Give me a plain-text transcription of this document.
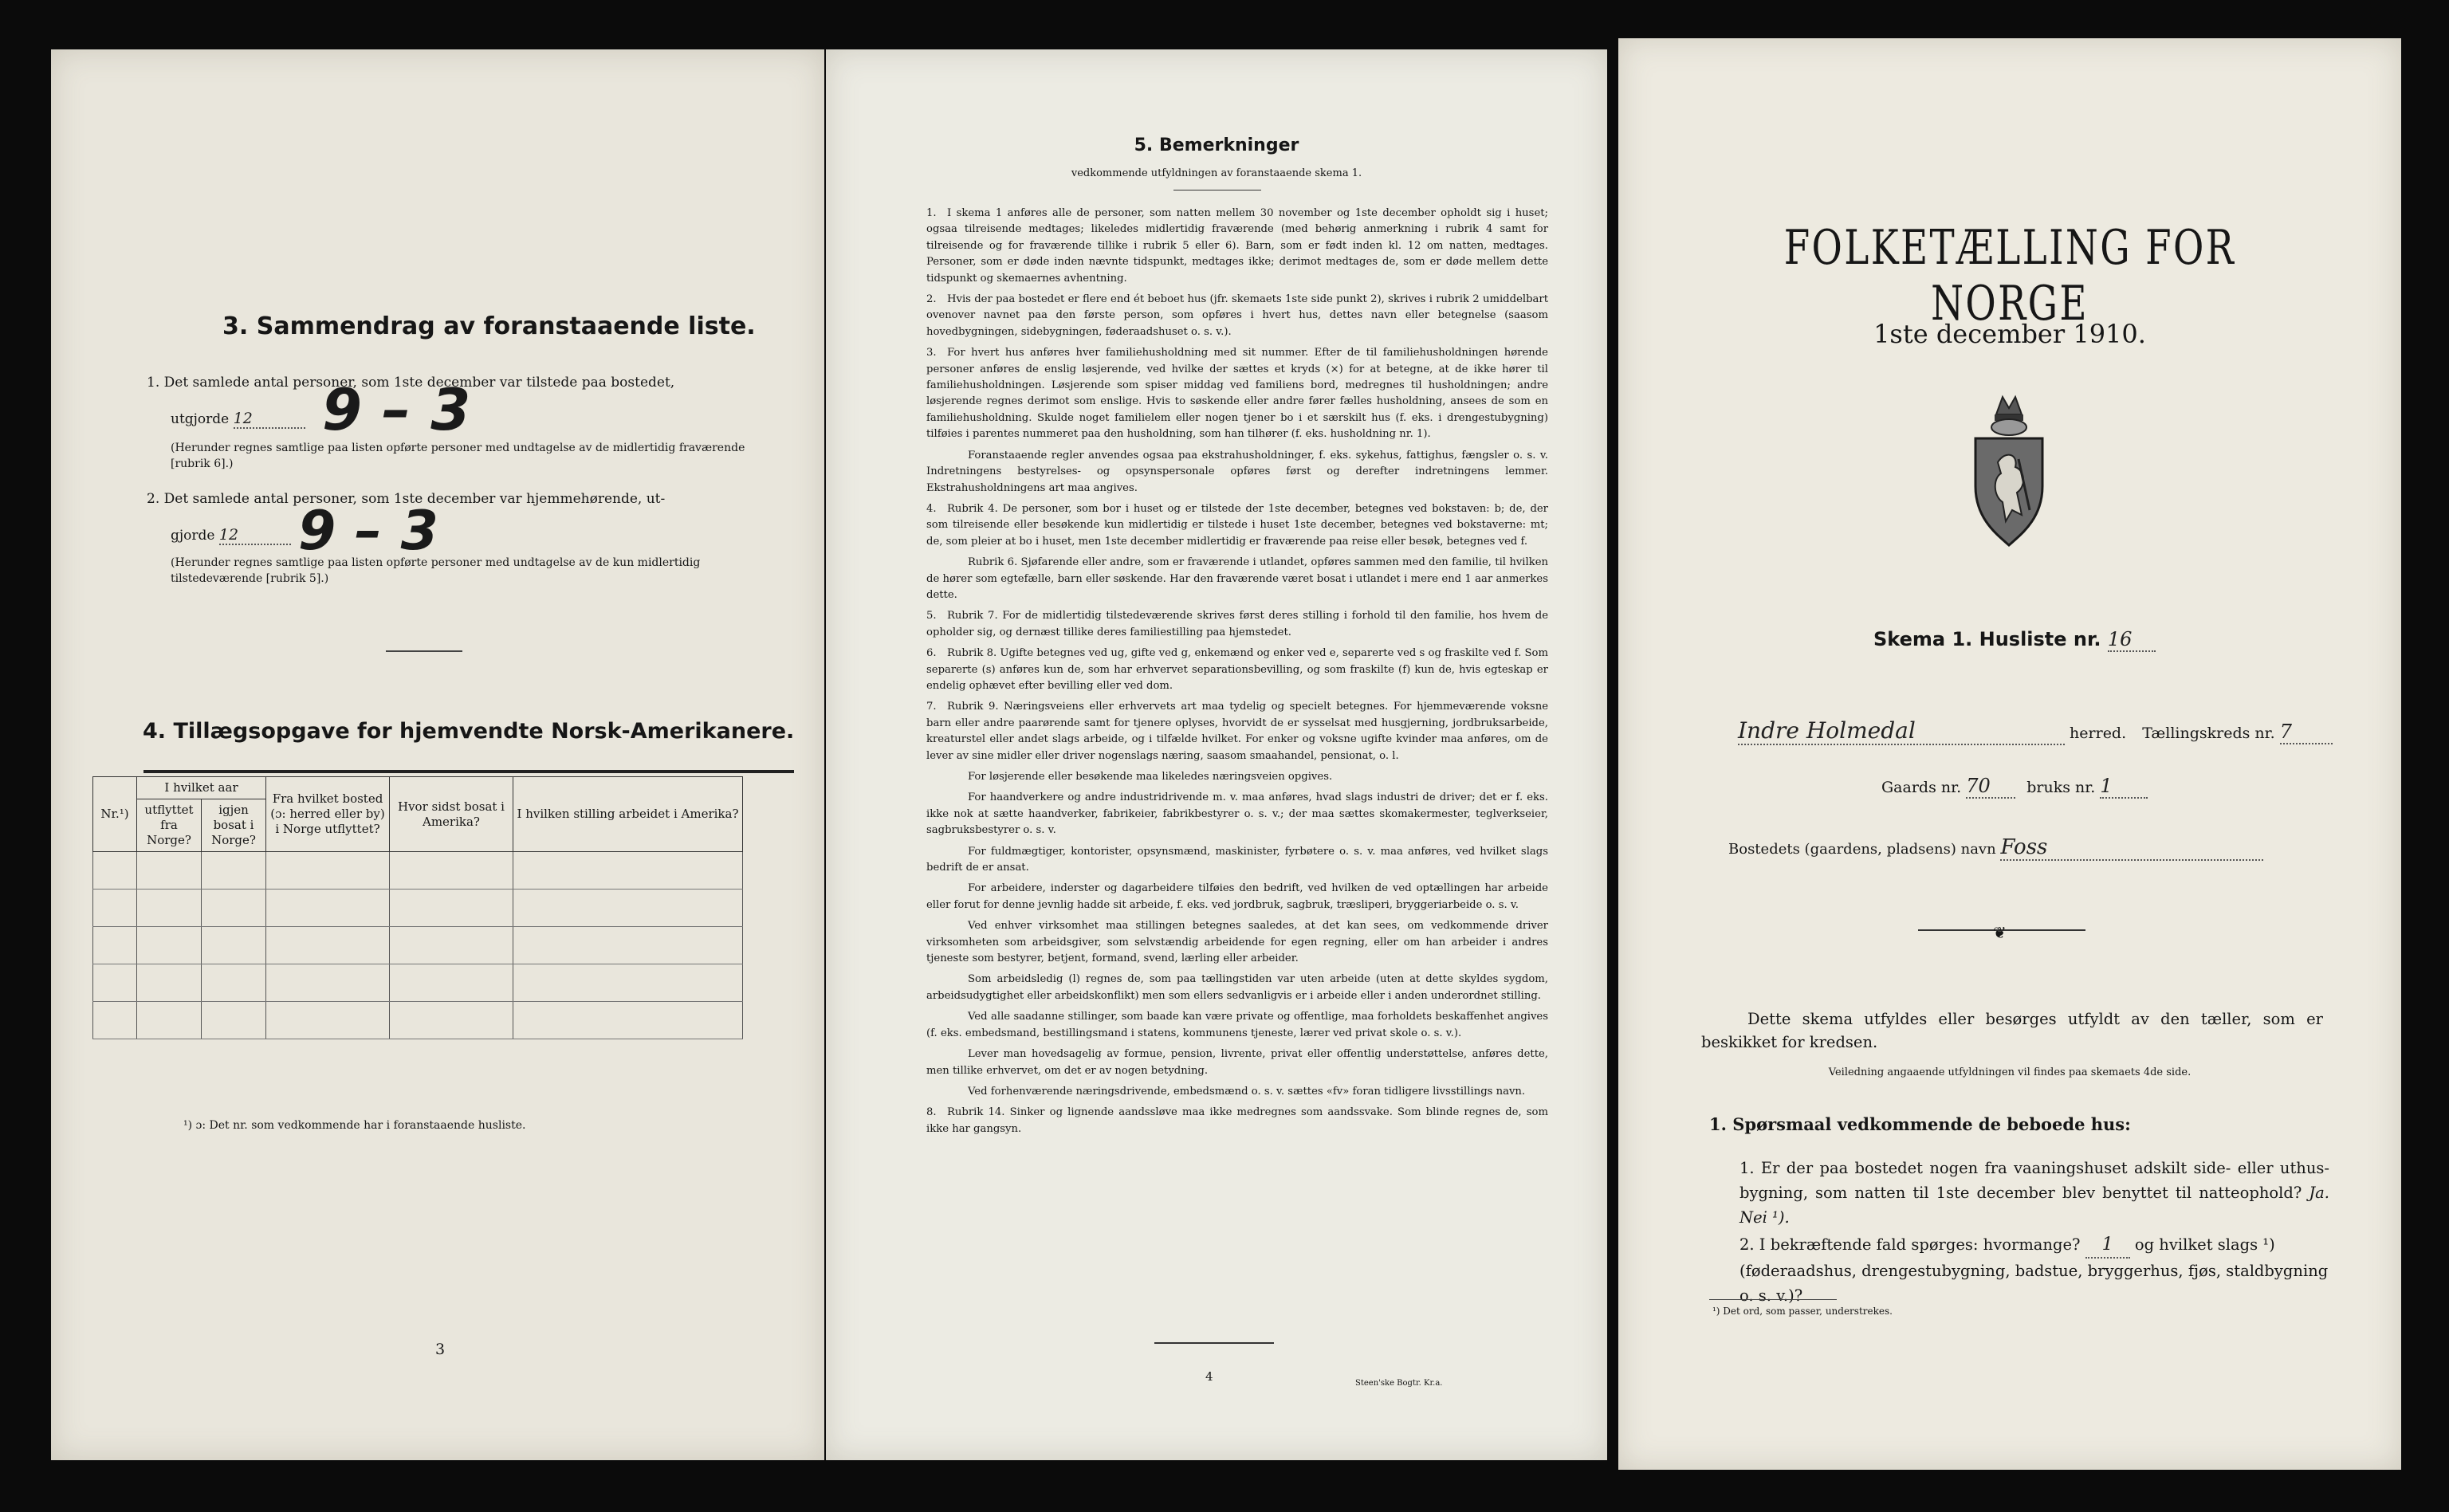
3. Sammendrag av foranstaaende liste.
1. Det samlede antal personer, som 1ste december var tilstede paa bostedet,
utgjorde 12	9 – 3
(Herunder regnes samtlige paa listen opførte personer med undtagelse av de midlertidig fraværende [rubrik 6].)
2. Det samlede antal personer, som 1ste december var hjemmehørende, ut-
gjorde 12	9 – 3
(Herunder regnes samtlige paa listen opførte personer med undtagelse av de kun midlertidig tilstedeværende [rubrik 5].)
4. Tillægsopgave for hjemvendte Norsk-Amerikanere.
Nr.¹)	I hvilket aar		Fra hvilket bosted (ɔ: herred eller by) i Norge utflyttet?	Hvor sidst bosat i Amerika?	I hvilken stilling arbeidet i Amerika?
	utflyttet fra Norge?	igjen bosat i Norge?			

¹) ɔ: Det nr. som vedkommende har i foranstaaende husliste.
3
5. Bemerkninger
vedkommende utfyldningen av foranstaaende skema 1.

1. I skema 1 anføres alle de personer, som natten mellem 30 november og 1ste december opholdt sig i huset; ogsaa tilreisende medtages; likeledes midlertidig fraværende (med behørig anmerkning i rubrik 4 samt for tilreisende og for fraværende tillike i rubrik 5 eller 6). Barn, som er født inden kl. 12 om natten, medtages. Personer, som er døde inden nævnte tidspunkt, medtages ikke; derimot medtages de, som er døde mellem dette tidspunkt og skemaernes avhentning.

2. Hvis der paa bostedet er flere end ét beboet hus (jfr. skemaets 1ste side punkt 2), skrives i rubrik 2 umiddelbart ovenover navnet paa den første person, som opføres i hvert hus, dettes navn eller betegnelse (saasom hovedbygningen, sidebygningen, føderaadshuset o. s. v.).

3. For hvert hus anføres hver familiehusholdning med sit nummer. Efter de til familiehusholdningen hørende personer anføres de enslig løsjerende, ved hvilke der sættes et kryds (×) for at betegne, at de ikke hører til familiehusholdningen. Løsjerende som spiser middag ved familiens bord, medregnes til husholdningen; andre løsjerende regnes derimot som enslige. Hvis to søskende eller andre fører fælles husholdning, ansees de som en familiehusholdning. Skulde noget familielem eller nogen tjener bo i et særskilt hus (f. eks. i drengestubygning) tilføies i parentes nummeret paa den husholdning, som han tilhører (f. eks. husholdning nr. 1).

Foranstaaende regler anvendes ogsaa paa ekstrahusholdninger, f. eks. sykehus, fattighus, fængsler o. s. v. Indretningens bestyrelses- og opsynspersonale opføres først og derefter indretningens lemmer. Ekstrahusholdningens art maa angives.

4. Rubrik 4. De personer, som bor i huset og er tilstede der 1ste december, betegnes ved bokstaven: b; de, der som tilreisende eller besøkende kun midlertidig er tilstede i huset 1ste december, betegnes ved bokstaverne: mt; de, som pleier at bo i huset, men 1ste december midlertidig er fraværende paa reise eller besøk, betegnes ved f.

Rubrik 6. Sjøfarende eller andre, som er fraværende i utlandet, opføres sammen med den familie, til hvilken de hører som egtefælle, barn eller søskende. Har den fraværende været bosat i utlandet i mere end 1 aar anmerkes dette.

5. Rubrik 7. For de midlertidig tilstedeværende skrives først deres stilling i forhold til den familie, hos hvem de opholder sig, og dernæst tillike deres familiestilling paa hjemstedet.

6. Rubrik 8. Ugifte betegnes ved ug, gifte ved g, enkemænd og enker ved e, separerte ved s og fraskilte ved f. Som separerte (s) anføres kun de, som har erhvervet separationsbevilling, og som fraskilte (f) kun de, hvis egteskap er endelig ophævet efter bevilling eller ved dom.

7. Rubrik 9. Næringsveiens eller erhvervets art maa tydelig og specielt betegnes. For hjemmeværende voksne barn eller andre paarørende samt for tjenere oplyses, hvorvidt de er sysselsat med husgjerning, jordbruksarbeide, kreaturstel eller andet slags arbeide, og i tilfælde hvilket. For enker og voksne ugifte kvinder maa anføres, om de lever av sine midler eller driver nogenslags næring, saasom smaahandel, pensionat, o. l.

For løsjerende eller besøkende maa likeledes næringsveien opgives.

For haandverkere og andre industridrivende m. v. maa anføres, hvad slags industri de driver; det er f. eks. ikke nok at sætte haandverker, fabrikeier, fabrikbestyrer o. s. v.; der maa sættes skomakermester, teglverkseier, sagbruksbestyrer o. s. v.

For fuldmægtiger, kontorister, opsynsmænd, maskinister, fyrbøtere o. s. v. maa anføres, ved hvilket slags bedrift de er ansat.

For arbeidere, inderster og dagarbeidere tilføies den bedrift, ved hvilken de ved optællingen har arbeide eller forut for denne jevnlig hadde sit arbeide, f. eks. ved jordbruk, sagbruk, træsliperi, bryggeriarbeide o. s. v.

Ved enhver virksomhet maa stillingen betegnes saaledes, at det kan sees, om vedkommende driver virksomheten som arbeidsgiver, som selvstændig arbeidende for egen regning, eller om han arbeider i andres tjeneste som bestyrer, betjent, formand, svend, lærling eller arbeider.

Som arbeidsledig (l) regnes de, som paa tællingstiden var uten arbeide (uten at dette skyldes sygdom, arbeidsudygtighet eller arbeidskonflikt) men som ellers sedvanligvis er i arbeide eller i anden underordnet stilling.

Ved alle saadanne stillinger, som baade kan være private og offentlige, maa forholdets beskaffenhet angives (f. eks. embedsmand, bestillingsmand i statens, kommunens tjeneste, lærer ved privat skole o. s. v.).

Lever man hovedsagelig av formue, pension, livrente, privat eller offentlig understøttelse, anføres dette, men tillike erhvervet, om det er av nogen betydning.

Ved forhenværende næringsdrivende, embedsmænd o. s. v. sættes «fv» foran tidligere livsstillings navn.

8. Rubrik 14. Sinker og lignende aandssløve maa ikke medregnes som aandssvake. Som blinde regnes de, som ikke har gangsyn.

4	Steen'ske Bogtr. Kr.a.
FOLKETÆLLING FOR NORGE
1ste december 1910.
Skema 1. Husliste nr. 16
Indre Holmedal	herred. Tællingskreds nr. 7
Gaards nr. 70 bruks nr. 1
Bostedets (gaardens, pladsens) navn Foss
❦
Dette skema utfyldes eller besørges utfyldt av den tæller, som er beskikket for kredsen.
Veiledning angaaende utfyldningen vil findes paa skemaets 4de side.
1. Spørsmaal vedkommende de beboede hus:
1. Er der paa bostedet nogen fra vaaningshuset adskilt side- eller uthus-bygning, som natten til 1ste december blev benyttet til natteophold? Ja. Nei ¹).
2. I bekræftende fald spørges: hvormange? 1 og hvilket slags ¹) (føderaadshus, drengestubygning, badstue, bryggerhus, fjøs, staldbygning o. s. v.)?
¹) Det ord, som passer, understrekes.
